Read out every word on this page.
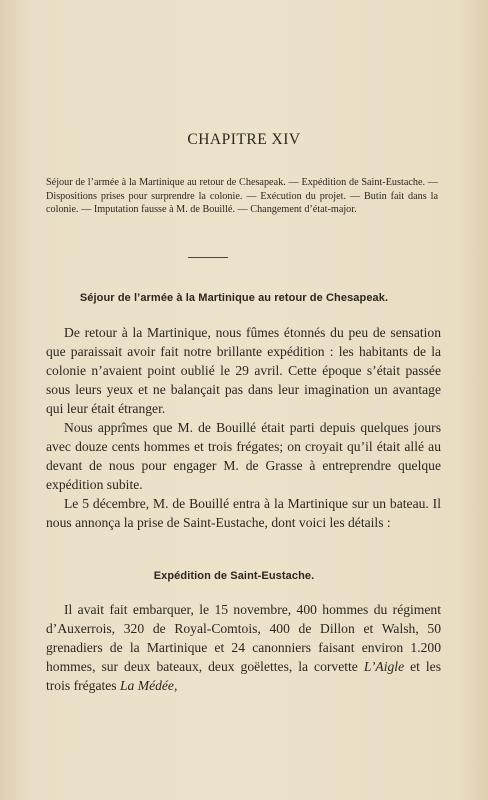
CHAPITRE XIV

Séjour de l’armée à la Martinique au retour de Chesapeak. — Expédition de Saint-Eustache. — Dispositions prises pour surprendre la colonie. — Exécution du projet. — Butin fait dans la colonie. — Imputation fausse à M. de Bouillé. — Changement d’état-major.

Séjour de l’armée à la Martinique au retour de Chesapeak.

De retour à la Martinique, nous fûmes étonnés du peu de sensation que paraissait avoir fait notre brillante expédition : les habitants de la colonie n’avaient point oublié le 29 avril. Cette époque s’était passée sous leurs yeux et ne balançait pas dans leur imagination un avantage qui leur était étranger.

Nous apprîmes que M. de Bouillé était parti depuis quelques jours avec douze cents hommes et trois frégates; on croyait qu’il était allé au devant de nous pour engager M. de Grasse à entreprendre quelque expédition subite.

Le 5 décembre, M. de Bouillé entra à la Martinique sur un bateau. Il nous annonça la prise de Saint-Eustache, dont voici les détails :

Expédition de Saint-Eustache.

Il avait fait embarquer, le 15 novembre, 400 hommes du régiment d’Auxerrois, 320 de Royal-Comtois, 400 de Dillon et Walsh, 50 grenadiers de la Martinique et 24 canonniers faisant environ 1.200 hommes, sur deux bateaux, deux goëlettes, la corvette L’Aigle et les trois frégates La Médée,
